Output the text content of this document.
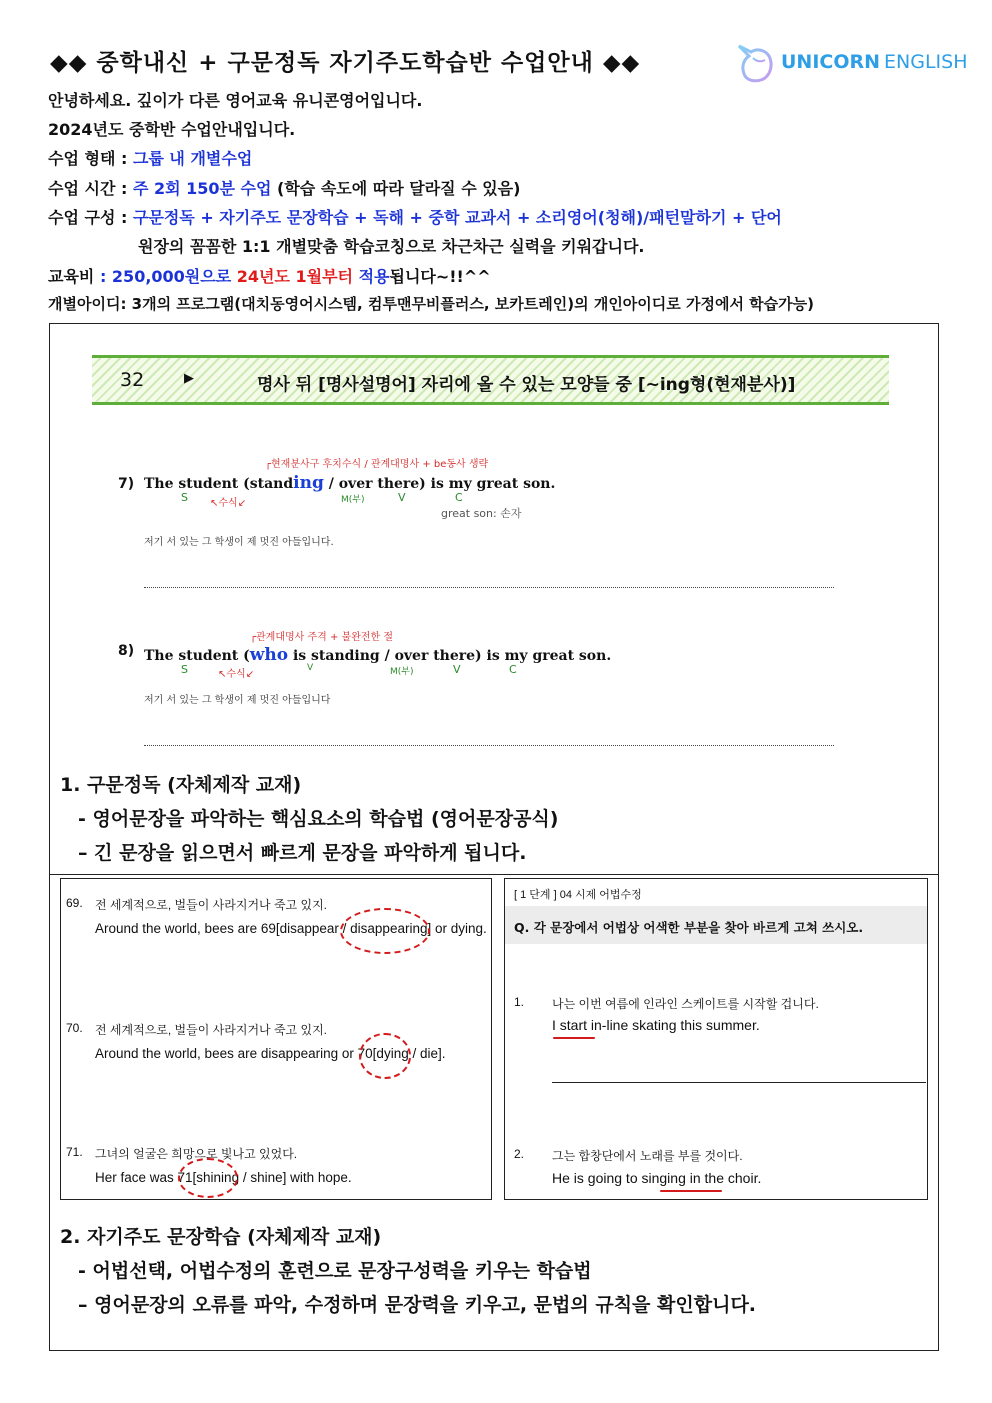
◆◆ 중학내신 + 구문정독 자기주도학습반 수업안내 ◆◆	UNICORN ENGLISH
안녕하세요. 깊이가 다른 영어교육 유니콘영어입니다.
2024년도 중학반 수업안내입니다.
수업 형태 : 그룹 내 개별수업
수업 시간 : 주 2회 150분 수업 (학습 속도에 따라 달라질 수 있음)
수업 구성 : 구문정독 + 자기주도 문장학습 + 독해 + 중학 교과서 + 소리영어(청해)/패턴말하기 + 단어
원장의 꼼꼼한 1:1 개별맞춤 학습코칭으로 차근차근 실력을 키워갑니다.
교육비 : 250,000원으로 24년도 1월부터 적용됩니다~!!^^
개별아이디: 3개의 프로그램(대치동영어시스템, 컴투맨무비플러스, 보카트레인)의 개인아이디로 가정에서 학습가능)
32	▶	명사 뒤 [명사설명어] 자리에 올 수 있는 모양들 중 [~ing형(현재분사)]
┌현재분사구 후치수식 / 관계대명사 + be동사 생략
7) The student (standing / over there) is my great son.
S ↖수식↙	M(부)	V	C
great son: 손자
저기 서 있는 그 학생이 제 멋진 아들입니다.
┌관계대명사 주격 + 불완전한 절
8) The student (who is standing / over there) is my great son.
S	↖수식↙
V	M(부)	V	C
저기 서 있는 그 학생이 제 멋진 아들입니다
1. 구문정독 (자체제작 교재)
- 영어문장을 파악하는 핵심요소의 학습법 (영어문장공식)
– 긴 문장을 읽으면서 빠르게 문장을 파악하게 됩니다.
69. 전 세계적으로, 벌들이 사라지거나 죽고 있지.
Around the world, bees are 69[disappear / disappearing] or dying.
70. 전 세계적으로, 벌들이 사라지거나 죽고 있지.
Around the world, bees are disappearing or 70[dying / die].
71. 그녀의 얼굴은 희망으로 빛나고 있었다.
Her face was 71[shining / shine] with hope.
[ 1 단계 ] 04 시제 어법수정
Q. 각 문장에서 어법상 어색한 부분을 찾아 바르게 고쳐 쓰시오.
1. 나는 이번 여름에 인라인 스케이트를 시작할 겁니다.
I start in-line skating this summer.
2. 그는 합창단에서 노래를 부를 것이다.
He is going to singing in the choir.
2. 자기주도 문장학습 (자체제작 교재)
- 어법선택, 어법수정의 훈련으로 문장구성력을 키우는 학습법
– 영어문장의 오류를 파악, 수정하며 문장력을 키우고, 문법의 규칙을 확인합니다.
